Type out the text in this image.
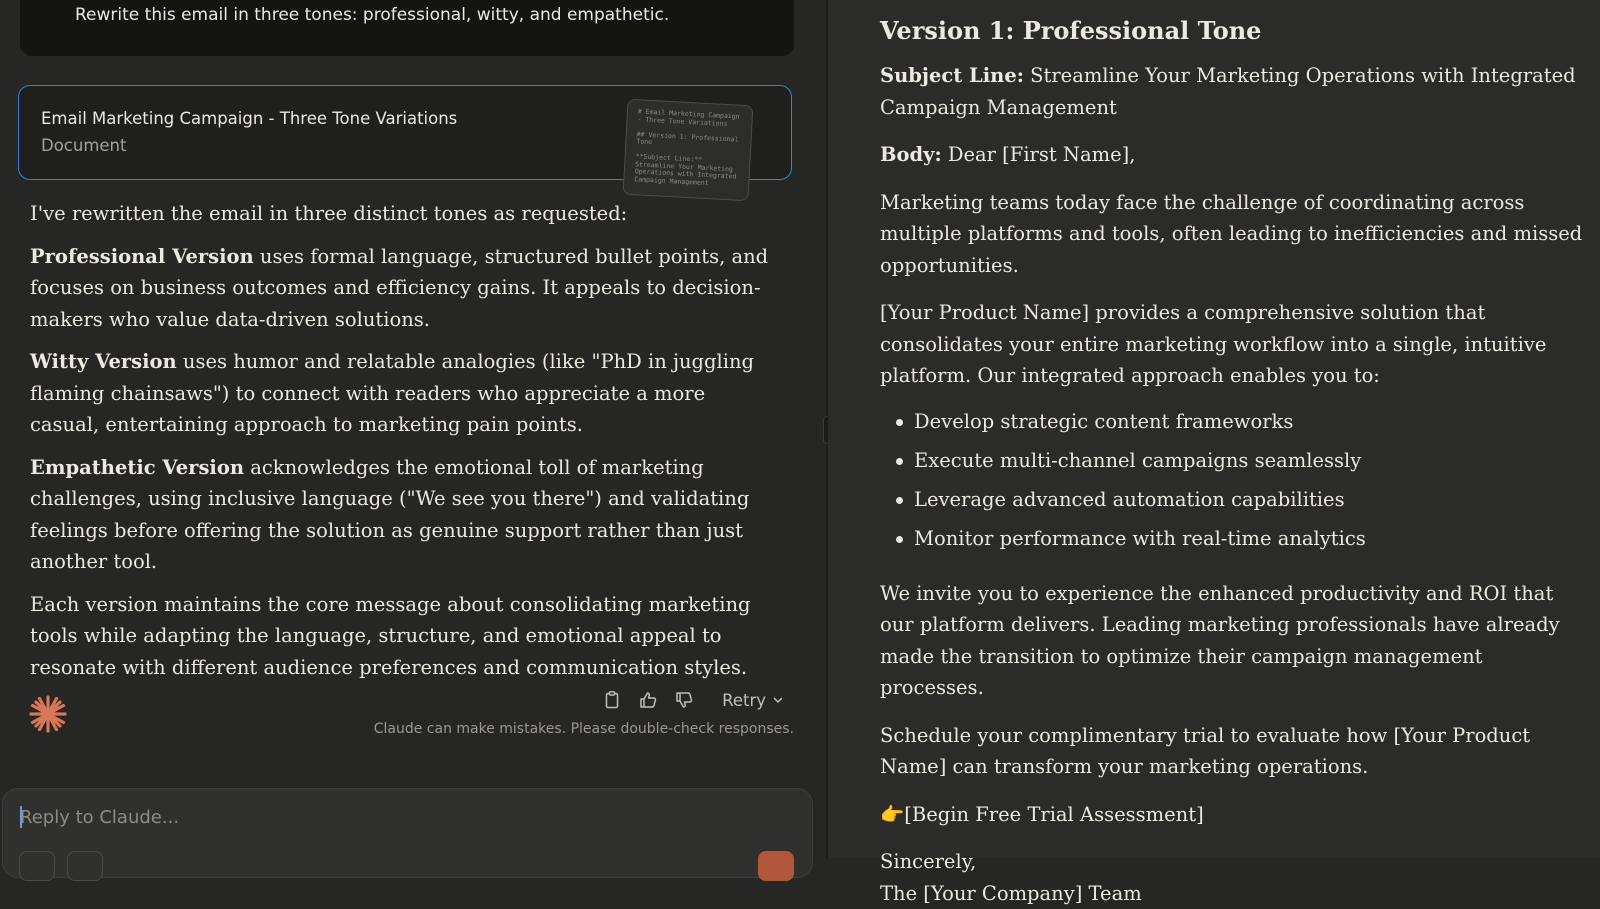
Rewrite this email in three tones: professional, witty, and empathetic.
Email Marketing Campaign - Three Tone Variations
Document
# Email Marketing Campaign
- Three Tone Variations

## Version 1: Professional
Tone

**Subject Line:**
Streamline Your Marketing
Operations with Integrated
Campaign Management

I've rewritten the email in three distinct tones as requested:

Professional Version uses formal language, structured bullet points, and focuses on business outcomes and efficiency gains. It appeals to decision-makers who value data-driven solutions.

Witty Version uses humor and relatable analogies (like "PhD in juggling flaming chainsaws") to connect with readers who appreciate a more casual, entertaining approach to marketing pain points.

Empathetic Version acknowledges the emotional toll of marketing challenges, using inclusive language ("We see you there") and validating feelings before offering the solution as genuine support rather than just another tool.

Each version maintains the core message about consolidating marketing tools while adapting the language, structure, and emotional appeal to resonate with different audience preferences and communication styles.

Retry
Claude can make mistakes. Please double-check responses.
Reply to Claude...
Version 1: Professional Tone

Subject Line: Streamline Your Marketing Operations with Integrated Campaign Management

Body: Dear [First Name],

Marketing teams today face the challenge of coordinating across multiple platforms and tools, often leading to inefficiencies and missed opportunities.

[Your Product Name] provides a comprehensive solution that consolidates your entire marketing workflow into a single, intuitive platform. Our integrated approach enables you to:

Develop strategic content frameworks
Execute multi-channel campaigns seamlessly
Leverage advanced automation capabilities
Monitor performance with real-time analytics

We invite you to experience the enhanced productivity and ROI that our platform delivers. Leading marketing professionals have already made the transition to optimize their campaign management processes.

Schedule your complimentary trial to evaluate how [Your Product Name] can transform your marketing operations.

👉[Begin Free Trial Assessment]

Sincerely,

The [Your Company] Team
